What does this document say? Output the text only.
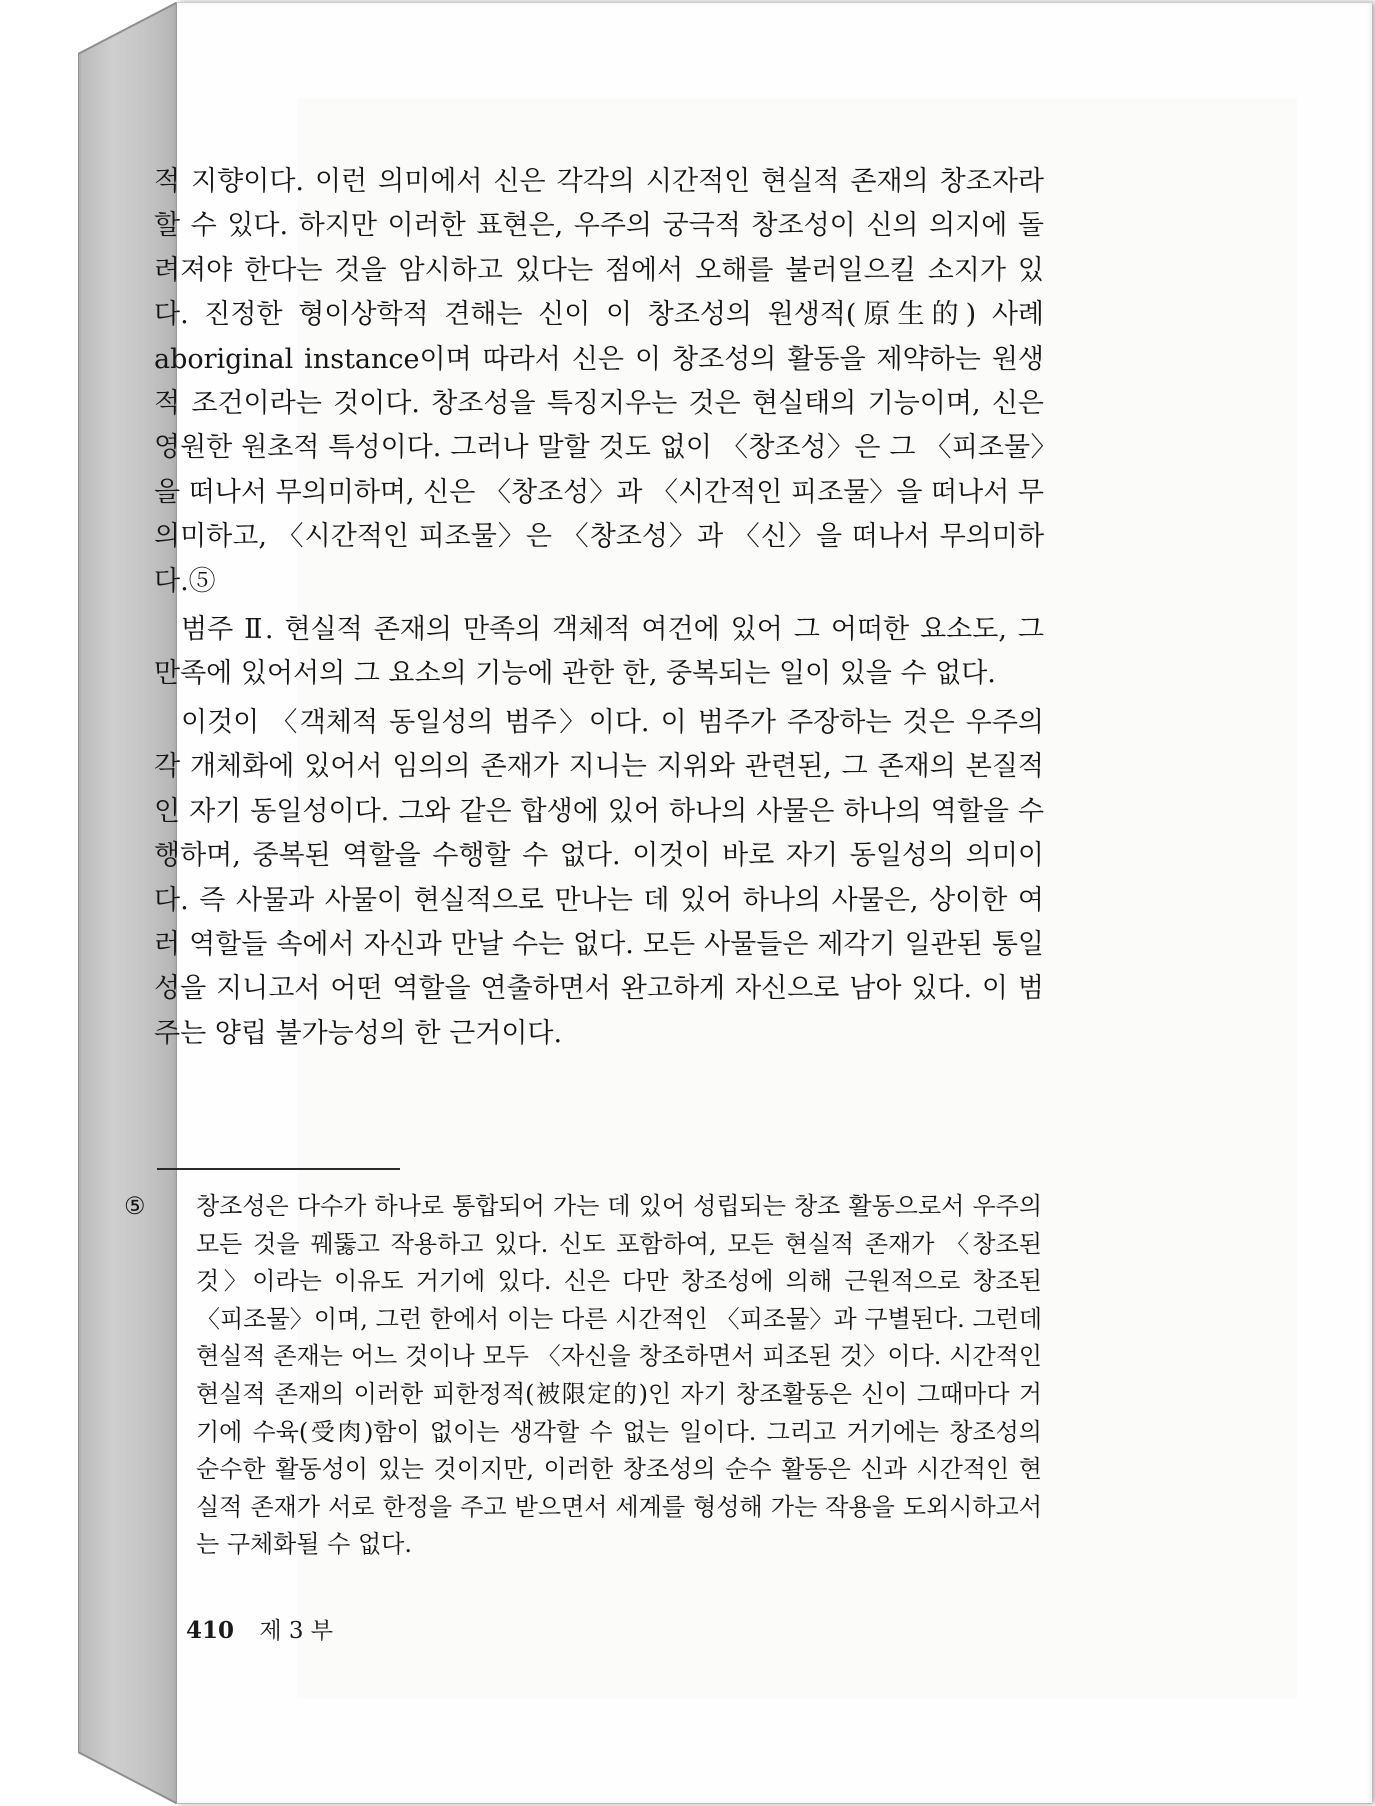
적 지향이다. 이런 의미에서 신은 각각의 시간적인 현실적 존재의 창조자라 할 수 있다. 하지만 이러한 표현은, 우주의 궁극적 창조성이 신의 의지에 돌려져야 한다는 것을 암시하고 있다는 점에서 오해를 불러일으킬 소지가 있다. 진정한 형이상학적 견해는 신이 이 창조성의 원생적(原生的) 사례 aboriginal instance이며 따라서 신은 이 창조성의 활동을 제약하는 원생적 조건이라는 것이다. 창조성을 특징지우는 것은 현실태의 기능이며, 신은 영원한 원초적 특성이다. 그러나 말할 것도 없이 〈창조성〉은 그 〈피조물〉을 떠나서 무의미하며, 신은 〈창조성〉과 〈시간적인 피조물〉을 떠나서 무의미하고, 〈시간적인 피조물〉은 〈창조성〉과 〈신〉을 떠나서 무의미하다.⑤

범주 Ⅱ. 현실적 존재의 만족의 객체적 여건에 있어 그 어떠한 요소도, 그 만족에 있어서의 그 요소의 기능에 관한 한, 중복되는 일이 있을 수 없다.

이것이 〈객체적 동일성의 범주〉이다. 이 범주가 주장하는 것은 우주의 각 개체화에 있어서 임의의 존재가 지니는 지위와 관련된, 그 존재의 본질적인 자기 동일성이다. 그와 같은 합생에 있어 하나의 사물은 하나의 역할을 수행하며, 중복된 역할을 수행할 수 없다. 이것이 바로 자기 동일성의 의미이다. 즉 사물과 사물이 현실적으로 만나는 데 있어 하나의 사물은, 상이한 여러 역할들 속에서 자신과 만날 수는 없다. 모든 사물들은 제각기 일관된 통일성을 지니고서 어떤 역할을 연출하면서 완고하게 자신으로 남아 있다. 이 범주는 양립 불가능성의 한 근거이다.

⑤ 창조성은 다수가 하나로 통합되어 가는 데 있어 성립되는 창조 활동으로서 우주의 모든 것을 꿰뚫고 작용하고 있다. 신도 포함하여, 모든 현실적 존재가 〈창조된 것〉이라는 이유도 거기에 있다. 신은 다만 창조성에 의해 근원적으로 창조된 〈피조물〉이며, 그런 한에서 이는 다른 시간적인 〈피조물〉과 구별된다. 그런데 현실적 존재는 어느 것이나 모두 〈자신을 창조하면서 피조된 것〉이다. 시간적인 현실적 존재의 이러한 피한정적(被限定的)인 자기 창조활동은 신이 그때마다 거기에 수육(受肉)함이 없이는 생각할 수 없는 일이다. 그리고 거기에는 창조성의 순수한 활동성이 있는 것이지만, 이러한 창조성의 순수 활동은 신과 시간적인 현실적 존재가 서로 한정을 주고 받으면서 세계를 형성해 가는 작용을 도외시하고서는 구체화될 수 없다.

410 제 3 부
